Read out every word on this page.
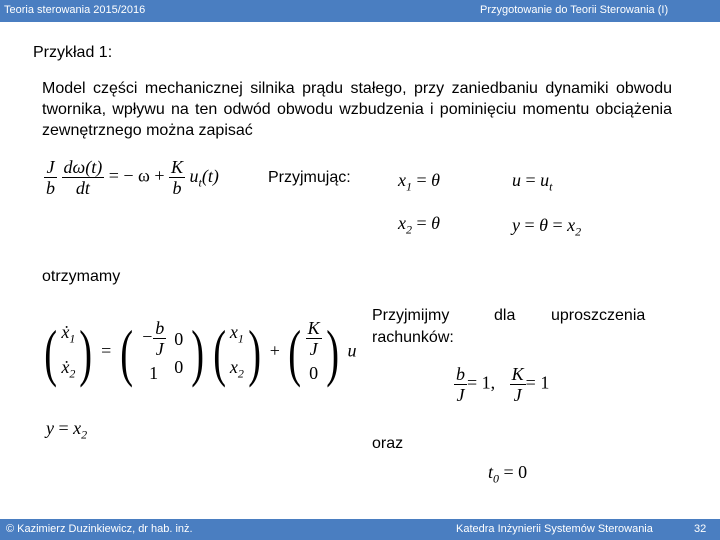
Teoria sterowania 2015/2016	Przygotowanie do Teorii Sterowania (I)
Przykład 1:
Model części mechanicznej silnika prądu stałego, przy zaniedbaniu dynamiki obwodu twornika, wpływu na ten odwód obwodu wzbudzenia i pominięciu momentu obciążenia zewnętrznego można zapisać
$\frac{J}{b}$
$\frac{d\omega(t)}{dt}$ = − $\omega + \frac{K}{b} u_t(t)$	Przyjmując:	$x_1 = \theta$	$u = u_t$
$x_2 = \theta$	$y = \theta = x_2$
otrzymamy
( ẋ$_1$
ẋ$_2$ ) = ( − $\frac{b}{J}$
1
0
0 ) ( $x_1$
$x_2$ ) + ( $\frac{K}{J}$
0 ) u
$y = x_2$
Przyjmijmy	dla uproszczenia
rachunków:
$\frac{b}{J} = 1$, $\frac{K}{J} = 1$
oraz
$t_0 = 0$
© Kazimierz Duzinkiewicz, dr hab. inż.	Katedra Inżynierii Systemów Sterowania	32
